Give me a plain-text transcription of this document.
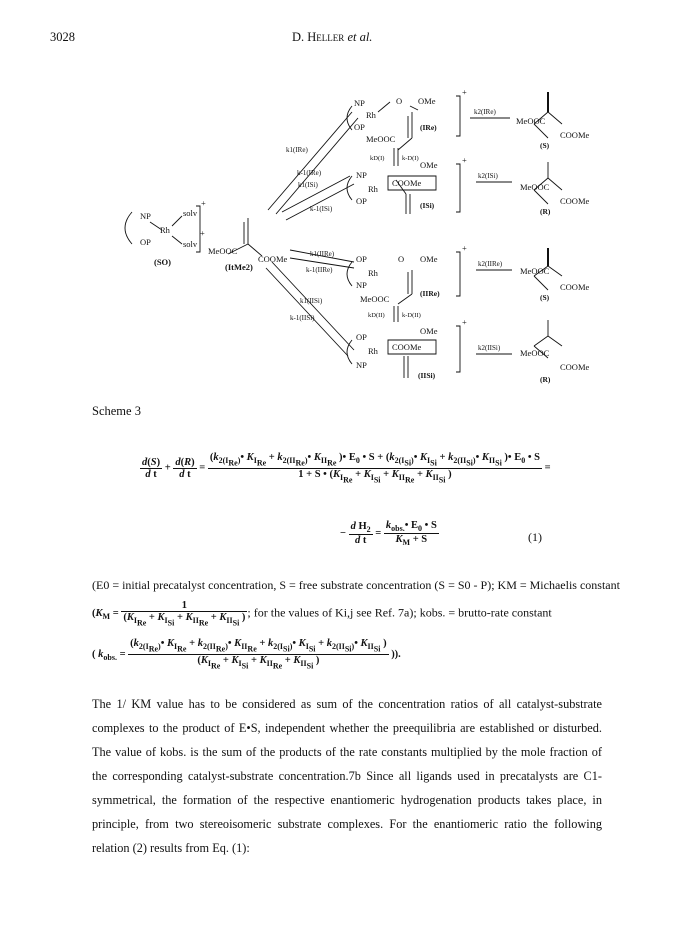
3028	D. Heller et al.
NP
Rh
OP
solv
solv
+
+
(SO)
MeOOC
COOMe
(ItMe2)
k1(IRe)
k-1(IRe)
k1(ISi)
k-1(ISi)
k1(IIRe)
k-1(IIRe)
k1(IISi)
k-1(IISi)
k2(IRe)
k2(ISi)
k2(IIRe)
k2(IISi)
kD(I)	k-D(I)
kD(II)	k-D(II)
NP
Rh
OP
O OMe
+
MeOOC
(IRe)
NP
Rh
OP
OMe
COOMe
+
(ISi)
OP
Rh
NP
O OMe
+
MeOOC
(IIRe)
OP
Rh
NP
OMe
COOMe
+
(IISi)
MeOOC
COOMe
(S)
MeOOC
COOMe
(R)
MeOOC
COOMe
(S)
MeOOC
COOMe
(R)
Scheme 3
$\frac{d(S)}{\text{d t}} + \frac{d(R)}{\text{d t}}$ =
($k_{2(I_{Re})}•$ $K_{I_{Re}}$ + $k_{2(II_{Re})}•$ $K_{II_{Re}}$ )• $E_0$ • $S + (k_{2(I_{Si})}•$ $K_{I_{Si}}$ + $k_{2(II_{Si})}•$ $K_{II_{Si}}$ )• $E_0$ • S
1 + S • ($K_{I_{Re}} + K_{I_{Si}} + K_{II_{Re}} + K_{II_{Si}}$ )
=
− $\frac{d H_2}{\text{d t}} = \frac{k_{obs.}• E_0 • S}{K_M + S}$	(1)
(E0 = initial precatalyst concentration, S = free substrate concentration (S = S0 - P); KM = Michaelis constant
($K_M = \frac{1}{(K_{I_{Re}} + K_{I_{Si}} + K_{II_{Re}} + K_{II_{Si}} )}$ ; for the values of Ki,j see Ref. 7a); kobs. = brutto-rate constant
( $k_{obs.}$ =
($k_{2(I_{Re})}•$ $K_{I_{Re}}$ + $k_{2(II_{Re})}•$ $K_{II_{Re}}$ + $k_{2(I_{Si})}•$ $K_{I_{Si}}$ + $k_{2(II_{Si})}•$ $K_{II_{Si}}$ )
($K_{I_{Re}} + K_{I_{Si}} + K_{II_{Re}} + K_{II_{Si}}$ )
)).
The 1/ KM value has to be considered as sum of the concentration ratios of all catalyst-substrate complexes to the product of E•S, independent whether the preequilibria are established or disturbed. The value of kobs. is the sum of the products of the rate constants multiplied by the mole fraction of the corresponding catalyst-substrate concentration.7b Since all ligands used in precatalysts are C1-symmetrical, the formation of the respective enantiomeric hydrogenation products takes place, in principle, from two stereoisomeric substrate complexes. For the enantiomeric ratio the following relation (2) results from Eq. (1):
